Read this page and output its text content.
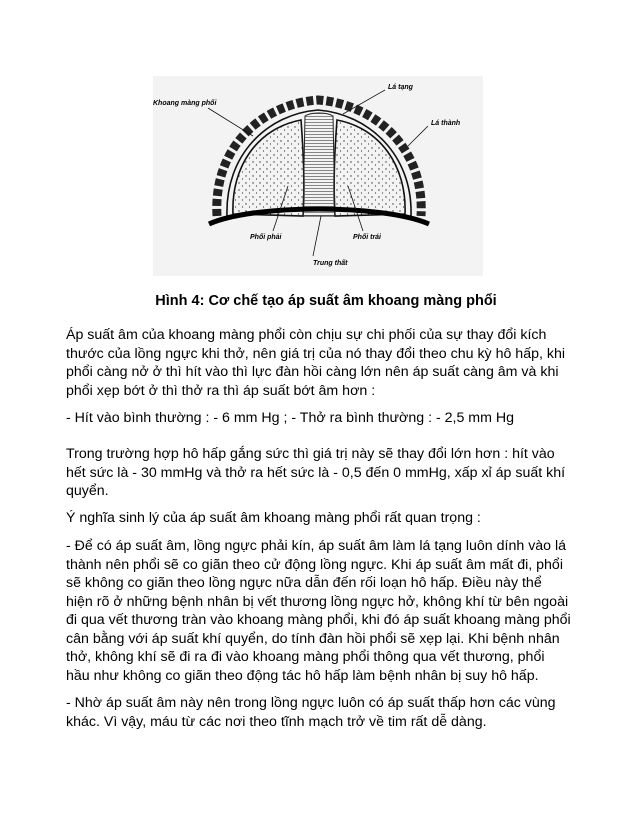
Khoang màng phổi
Lá tạng
Lá thành
Phổi phải	Phổi trái
Trung thất
Hình 4: Cơ chế tạo áp suất âm khoang màng phổi

Áp suất âm của khoang màng phổi còn chịu sự chi phối của sự thay đổi kích thước của lồng ngực khi thở, nên giá trị của nó thay đổi theo chu kỳ hô hấp, khi phổi càng nở ở thì hít vào thì lực đàn hồi càng lớn nên áp suất càng âm và khi phổi xẹp bớt ở thì thở ra thì áp suất bớt âm hơn :

- Hít vào bình thường : - 6 mm Hg ; - Thở ra bình thường : - 2,5 mm Hg

Trong trường hợp hô hấp gắng sức thì giá trị này sẽ thay đổi lớn hơn : hít vào hết sức là - 30 mmHg và thở ra hết sức là - 0,5 đến 0 mmHg, xấp xỉ áp suất khí quyển.

Ý nghĩa sinh lý của áp suất âm khoang màng phổi rất quan trọng :

- Để có áp suất âm, lồng ngực phải kín, áp suất âm làm lá tạng luôn dính vào lá thành nên phổi sẽ co giãn theo cử động lồng ngực. Khi áp suất âm mất đi, phổi sẽ không co giãn theo lồng ngực nữa dẫn đến rối loạn hô hấp. Điều này thể hiện rõ ở những bệnh nhân bị vết thương lồng ngực hở, không khí từ bên ngoài đi qua vết thương tràn vào khoang màng phổi, khi đó áp suất khoang màng phổi cân bằng với áp suất khí quyển, do tính đàn hồi phổi sẽ xẹp lại. Khi bệnh nhân thở, không khí sẽ đi ra đi vào khoang màng phổi thông qua vết thương, phổi hầu như không co giãn theo động tác hô hấp làm bệnh nhân bị suy hô hấp.

- Nhờ áp suất âm này nên trong lồng ngực luôn có áp suất thấp hơn các vùng khác. Vì vậy, máu từ các nơi theo tĩnh mạch trở về tim rất dễ dàng.
